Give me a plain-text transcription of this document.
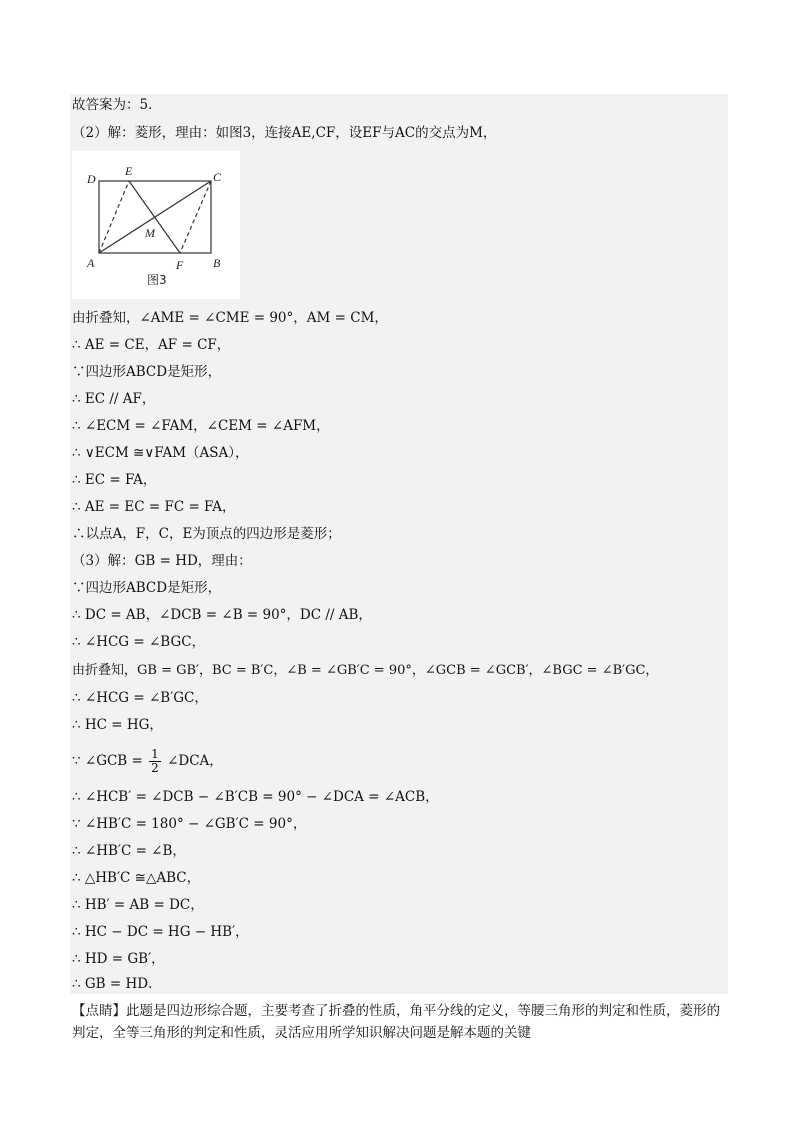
故答案为：5．
（2）解：菱形，理由：如图3，连接AE,CF，设EF与AC的交点为M，
D
E	C
M
A	F B
图3
由折叠知，∠AME = ∠CME = 90°，AM = CM，
∴ AE = CE，AF = CF，
∵四边形ABCD是矩形，
∴ EC // AF，
∴ ∠ECM = ∠FAM，∠CEM = ∠AFM，
∴ ∨ECM ≅∨FAM（ASA），
∴ EC = FA，
∴ AE = EC = FC = FA，
∴以点A，F，C，E为顶点的四边形是菱形；
（3）解：GB = HD，理由：
∵四边形ABCD是矩形，
∴ DC = AB，∠DCB = ∠B = 90°，DC // AB，
∴ ∠HCG = ∠BGC，
由折叠知，GB = GB′，BC = B′C，∠B = ∠GB′C = 90°，∠GCB = ∠GCB′，∠BGC = ∠B′GC，
∴ ∠HCG = ∠B′GC，
∴ HC = HG，
∵ ∠GCB = $\frac{1}{2}$ ∠DCA，
∴ ∠HCB′ = ∠DCB − ∠B′CB = 90° − ∠DCA = ∠ACB，
∵ ∠HB′C = 180° − ∠GB′C = 90°，
∴ ∠HB′C = ∠B，
∴ △HB′C ≅△ABC，
∴ HB′ = AB = DC，
∴ HC − DC = HG − HB′，
∴ HD = GB′，
∴ GB = HD．
【点睛】此题是四边形综合题，主要考查了折叠的性质，角平分线的定义，等腰三角形的判定和性质，菱形的判定，全等三角形的判定和性质，灵活应用所学知识解决问题是解本题的关键
